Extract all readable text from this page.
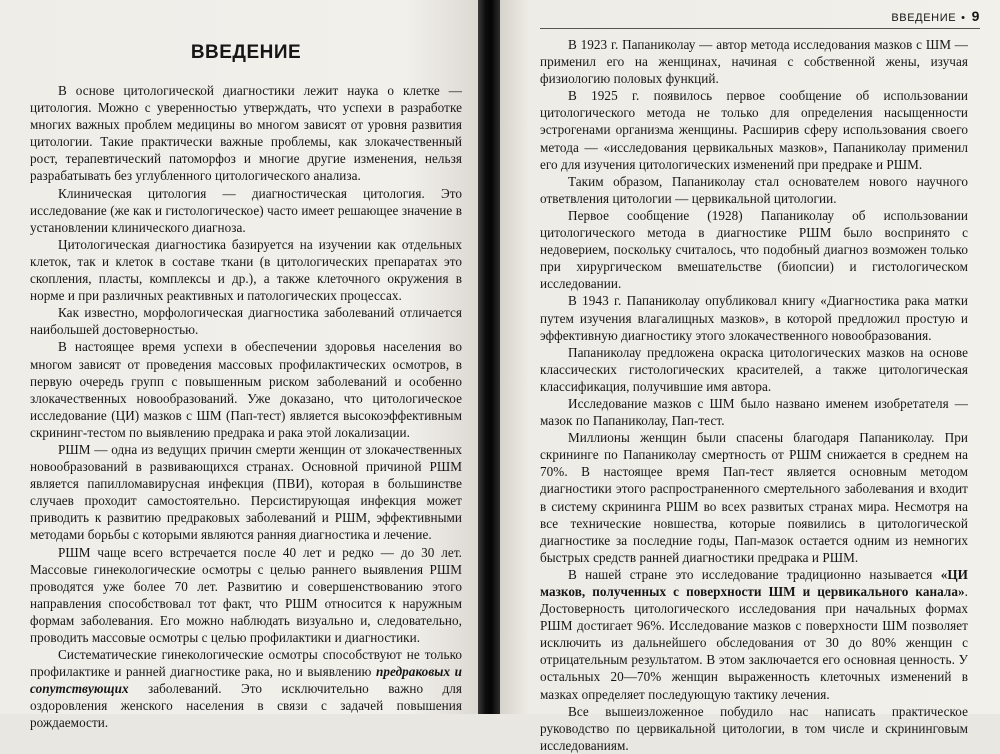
ВВЕДЕНИЕ

В основе цитологической диагностики лежит наука о клетке — цитология. Можно с уверенностью утверждать, что успехи в разработке многих важных проблем медицины во многом зависят от уровня развития цитологии. Такие практически важные проблемы, как злокачественный рост, терапевтический патоморфоз и многие другие изменения, нельзя разрабатывать без углубленного цитологического анализа.

Клиническая цитология — диагностическая цитология. Это исследование (же как и гистологическое) часто имеет решающее значение в установлении клинического диагноза.

Цитологическая диагностика базируется на изучении как отдельных клеток, так и клеток в составе ткани (в цитологических препаратах это скопления, пласты, комплексы и др.), а также клеточного окружения в норме и при различных реактивных и патологических процессах.

Как известно, морфологическая диагностика заболеваний отличается наибольшей достоверностью.

В настоящее время успехи в обеспечении здоровья населения во многом зависят от проведения массовых профилактических осмотров, в первую очередь групп с повышенным риском заболеваний и особенно злокачественных новообразований. Уже доказано, что цитологическое исследование (ЦИ) мазков с ШМ (Пап-тест) является высокоэффективным скрининг-тестом по выявлению предрака и рака этой локализации.

РШМ — одна из ведущих причин смерти женщин от злокачественных новообразований в развивающихся странах. Основной причиной РШМ является папилломавирусная инфекция (ПВИ), которая в большинстве случаев проходит самостоятельно. Персистирующая инфекция может приводить к развитию предраковых заболеваний и РШМ, эффективными методами борьбы с которыми являются ранняя диагностика и лечение.

РШМ чаще всего встречается после 40 лет и редко — до 30 лет. Массовые гинекологические осмотры с целью раннего выявления РШМ проводятся уже более 70 лет. Развитию и совершенствованию этого направления способствовал тот факт, что РШМ относится к наружным формам заболевания. Его можно наблюдать визуально и, следовательно, проводить массовые осмотры с целью профилактики и диагностики.

Систематические гинекологические осмотры способствуют не только профилактике и ранней диагностике рака, но и выявлению предраковых и сопутствующих заболеваний. Это исключительно важно для оздоровления женского населения в связи с задачей повышения рождаемости.

ВВЕДЕНИЕ • 9

В 1923 г. Папаниколау — автор метода исследования мазков с ШМ — применил его на женщинах, начиная с собственной жены, изучая физиологию половых функций.

В 1925 г. появилось первое сообщение об использовании цитологического метода не только для определения насыщенности эстрогенами организма женщины. Расширив сферу использования своего метода — «исследования цервикальных мазков», Папаниколау применил его для изучения цитологических изменений при предраке и РШМ.

Таким образом, Папаниколау стал основателем нового научного ответвления цитологии — цервикальной цитологии.

Первое сообщение (1928) Папаниколау об использовании цитологического метода в диагностике РШМ было воспринято с недоверием, поскольку считалось, что подобный диагноз возможен только при хирургическом вмешательстве (биопсии) и гистологическом исследовании.

В 1943 г. Папаниколау опубликовал книгу «Диагностика рака матки путем изучения влагалищных мазков», в которой предложил простую и эффективную диагностику этого злокачественного новообразования.

Папаниколау предложена окраска цитологических мазков на основе классических гистологических красителей, а также цитологическая классификация, получившие имя автора.

Исследование мазков с ШМ было названо именем изобретателя — мазок по Папаниколау, Пап-тест.

Миллионы женщин были спасены благодаря Папаниколау. При скрининге по Папаниколау смертность от РШМ снижается в среднем на 70%. В настоящее время Пап-тест является основным методом диагностики этого распространенного смертельного заболевания и входит в систему скрининга РШМ во всех развитых странах мира. Несмотря на все технические новшества, которые появились в цитологической диагностике за последние годы, Пап-мазок остается одним из немногих быстрых средств ранней диагностики предрака и РШМ.

В нашей стране это исследование традиционно называется «ЦИ мазков, полученных с поверхности ШМ и цервикального канала». Достоверность цитологического исследования при начальных формах РШМ достигает 96%. Исследование мазков с поверхности ШМ позволяет исключить из дальнейшего обследования от 30 до 80% женщин с отрицательным результатом. В этом заключается его основная ценность. У остальных 20—70% женщин выраженность клеточных изменений в мазках определяет последующую тактику лечения.

Все вышеизложенное побудило нас написать практическое руководство по цервикальной цитологии, в том числе и скрининговым исследованиям.
